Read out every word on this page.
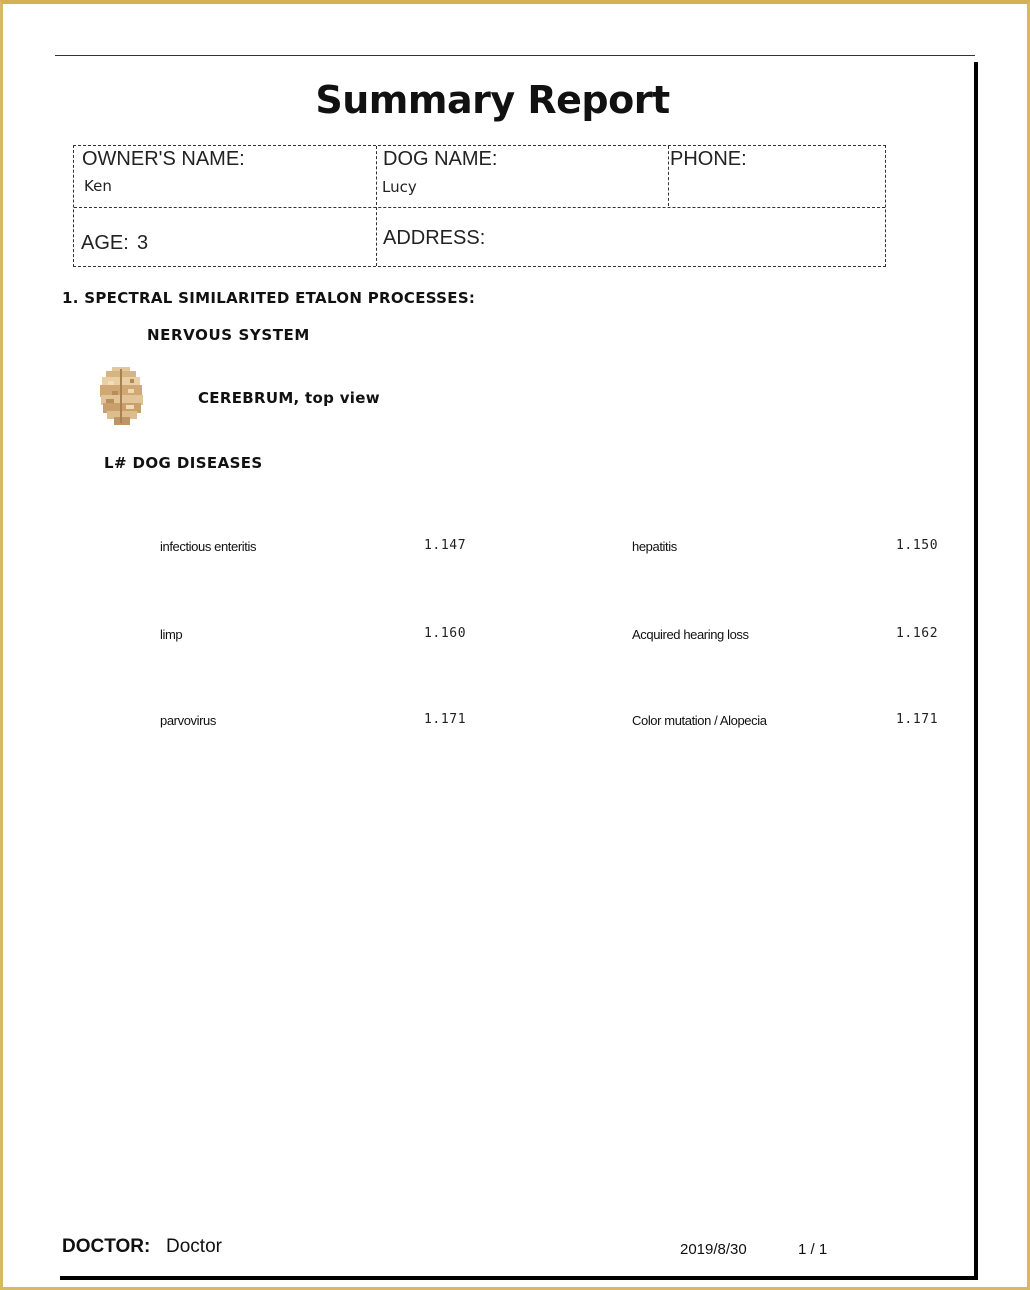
Summary Report
OWNER'S NAME:
Ken
DOG NAME:
Lucy
PHONE:
AGE: 3	ADDRESS:
1. SPECTRAL SIMILARITED ETALON PROCESSES:
NERVOUS SYSTEM
CEREBRUM, top view
L# DOG DISEASES
infectious enteritis	1.147	hepatitis	1.150
limp	1.160	Acquired hearing loss	1.162
parvovirus	1.171	Color mutation / Alopecia	1.171
DOCTOR: Doctor	2019/8/30	1 / 1
